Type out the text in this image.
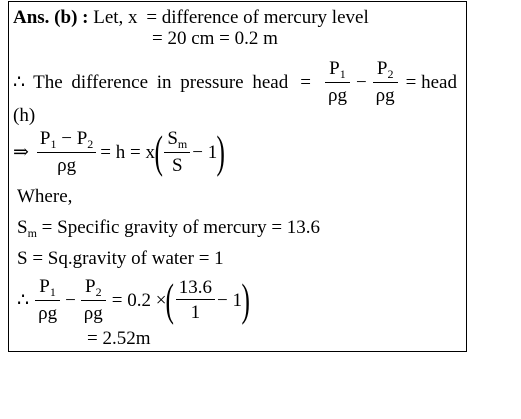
Ans. (b) : Let, x = difference of mercury level
= 20 cm = 0.2 m
∴ The difference in pressure head = $\frac{P_1}{\rho g} - \frac{P_2}{\rho g}$ = head
(h)
⇒ $\frac{P_1 - P_2}{\rho g} = h = x$ ( $\frac{S_m}{S} - 1$ )
Where,
$S_m$ = Specific gravity of mercury = 13.6
S = Sq.gravity of water = 1
∴ $\frac{P_1}{\rho g} - \frac{P_2}{\rho g} = 0.2$ × ( $\frac{13.6}{1} - 1$ )
= 2.52m
